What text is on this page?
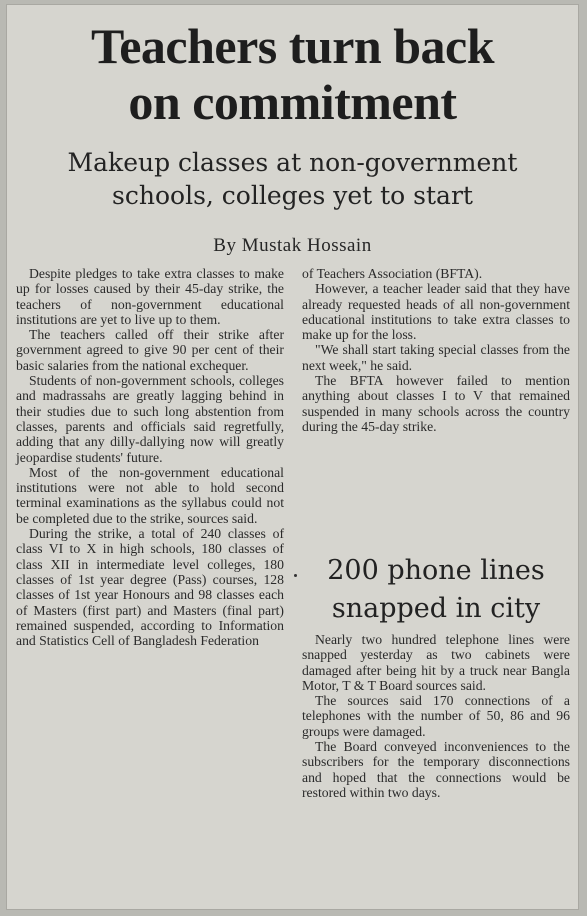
Teachers turn back
on commitment
Makeup classes at non-government
schools, colleges yet to start
By Mustak Hossain

Despite pledges to take extra classes to make up for losses caused by their 45-day strike, the teachers of non-government educational institutions are yet to live up to them.

The teachers called off their strike after government agreed to give 90 per cent of their basic salaries from the national exchequer.

Students of non-government schools, colleges and madrassahs are greatly lagging behind in their studies due to such long abstention from classes, parents and officials said regretfully, adding that any dilly-dallying now will greatly jeopardise students' future.

Most of the non-government educational institutions were not able to hold second terminal examinations as the syllabus could not be completed due to the strike, sources said.

During the strike, a total of 240 classes of class VI to X in high schools, 180 classes of class XII in intermediate level colleges, 180 classes of 1st year degree (Pass) courses, 128 classes of 1st year Honours and 98 classes each of Masters (first part) and Masters (final part) remained suspended, according to Information and Statistics Cell of Bangladesh Federation

of Teachers Association (BFTA).

However, a teacher leader said that they have already requested heads of all non-government educational institutions to take extra classes to make up for the loss.

"We shall start taking special classes from the next week," he said.

The BFTA however failed to mention anything about classes I to V that remained suspended in many schools across the country during the 45-day strike.

200 phone lines
snapped in city

Nearly two hundred telephone lines were snapped yesterday as two cabinets were damaged after being hit by a truck near Bangla Motor, T & T Board sources said.

The sources said 170 connections of a telephones with the number of 50, 86 and 96 groups were damaged.

The Board conveyed inconveniences to the subscribers for the temporary disconnections and hoped that the connections would be restored within two days.
